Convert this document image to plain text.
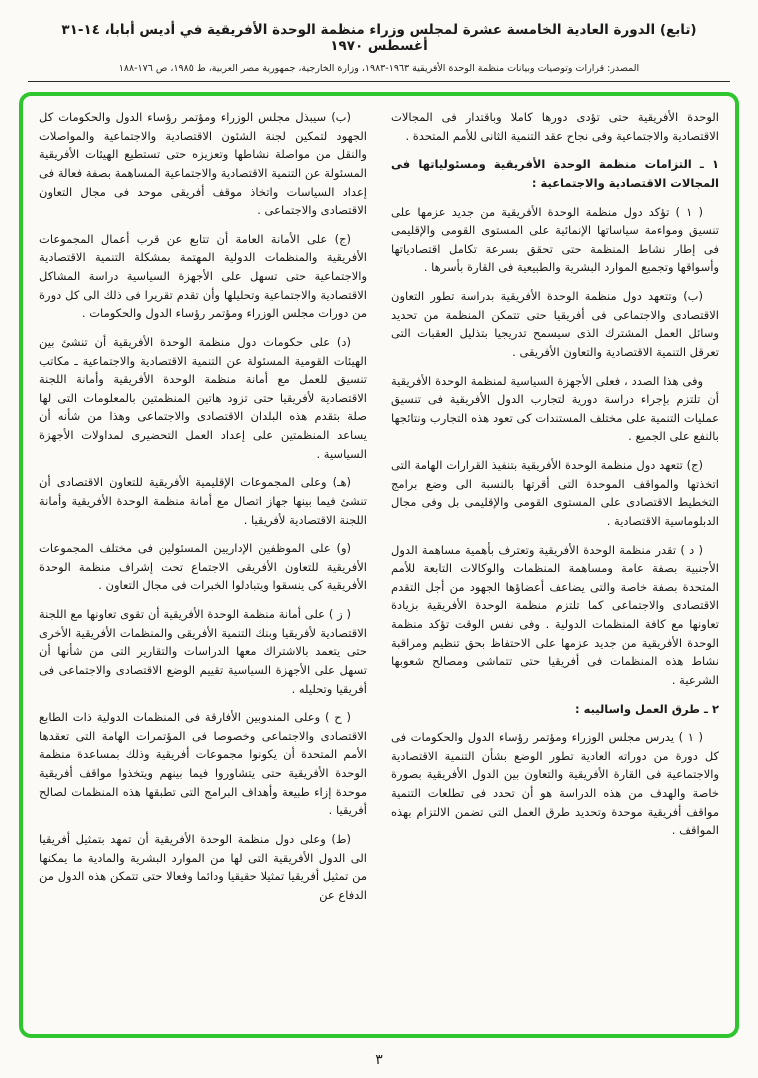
(تابع) الدورة العادية الخامسة عشرة لمجلس وزراء منظمة الوحدة الأفريقية في أديس أبابا، ١٤-٣١ أغسطس ١٩٧٠
المصدر: قرارات وتوصيات وبيانات منظمة الوحدة الأفريقية ١٩٦٣-١٩٨٣، وزارة الخارجية، جمهورية مصر العربية، ط ١٩٨٥، ص ١٧٦-١٨٨

الوحدة الأفريقية حتى تؤدى دورها كاملا وباقتدار فى المجالات الاقتصادية والاجتماعية وفى نجاح عقد التنمية الثانى للأمم المتحدة .

١ ـ التزامات منظمة الوحدة الأفريقية ومسئولياتها فى المجالات الاقتصادية والاجتماعية :

( ١ ) تؤكد دول منظمة الوحدة الأفريقية من جديد عزمها على تنسيق ومواءمة سياساتها الإنمائية على المستوى القومى والإقليمى فى إطار نشاط المنظمة حتى تحقق بسرعة تكامل اقتصادياتها وأسواقها وتجميع الموارد البشرية والطبيعية فى القارة بأسرها .

(ب) وتتعهد دول منظمة الوحدة الأفريقية بدراسة تطور التعاون الاقتصادى والاجتماعى فى أفريقيا حتى تتمكن المنظمة من تحديد وسائل العمل المشترك الذى سيسمح تدريجيا بتذليل العقبات التى تعرقل التنمية الاقتصادية والتعاون الأفريقى .

وفى هذا الصدد ، فعلى الأجهزة السياسية لمنظمة الوحدة الأفريقية أن تلتزم بإجراء دراسة دورية لتجارب الدول الأفريقية فى تنسيق عمليات التنمية على مختلف المستندات كى تعود هذه التجارب ونتائجها بالنفع على الجميع .

(ج) تتعهد دول منظمة الوحدة الأفريقية بتنفيذ القرارات الهامة التى اتخذتها والمواقف الموحدة التى أقرتها بالنسبة الى وضع برامج التخطيط الاقتصادى على المستوى القومى والإقليمى بل وفى مجال الدبلوماسية الاقتصادية .

( د ) تقدر منظمة الوحدة الأفريقية وتعترف بأهمية مساهمة الدول الأجنبية بصفة عامة ومساهمة المنظمات والوكالات التابعة للأمم المتحدة بصفة خاصة والتى يضاعف أعضاؤها الجهود من أجل التقدم الاقتصادى والاجتماعى كما تلتزم منظمة الوحدة الأفريقية بزيادة تعاونها مع كافة المنظمات الدولية . وفى نفس الوقت تؤكد منظمة الوحدة الأفريقية من جديد عزمها على الاحتفاظ بحق تنظيم ومراقبة نشاط هذه المنظمات فى أفريقيا حتى تتماشى ومصالح شعوبها الشرعية .

٢ ـ طرق العمل واساليبه :

( ١ ) يدرس مجلس الوزراء ومؤتمر رؤساء الدول والحكومات فى كل دورة من دوراته العادية تطور الوضع بشأن التنمية الاقتصادية والاجتماعية فى القارة الأفريقية والتعاون بين الدول الأفريقية بصورة خاصة والهدف من هذه الدراسة هو أن تحدد فى تطلعات التنمية مواقف أفريقية موحدة وتحديد طرق العمل التى تضمن الالتزام بهذه المواقف .

(ب) سيبذل مجلس الوزراء ومؤتمر رؤساء الدول والحكومات كل الجهود لتمكين لجنة الشئون الاقتصادية والاجتماعية والمواصلات والنقل من مواصلة نشاطها وتعزيزه حتى تستطيع الهيئات الأفريقية المسئولة عن التنمية الاقتصادية والاجتماعية المساهمة بصفة فعالة فى إعداد السياسات واتخاذ موقف أفريقى موحد فى مجال التعاون الاقتصادى والاجتماعى .

(ج) على الأمانة العامة أن تتابع عن قرب أعمال المجموعات الأفريقية والمنظمات الدولية المهتمة بمشكلة التنمية الاقتصادية والاجتماعية حتى تسهل على الأجهزة السياسية دراسة المشاكل الاقتصادية والاجتماعية وتحليلها وأن تقدم تقريرا فى ذلك الى كل دورة من دورات مجلس الوزراء ومؤتمر رؤساء الدول والحكومات .

(د) على حكومات دول منظمة الوحدة الأفريقية أن تنشئ بين الهيئات القومية المسئولة عن التنمية الاقتصادية والاجتماعية ـ مكاتب تنسيق للعمل مع أمانة منظمة الوحدة الأفريقية وأمانة اللجنة الاقتصادية لأفريقيا حتى تزود هاتين المنظمتين بالمعلومات التى لها صلة بتقدم هذه البلدان الاقتصادى والاجتماعى وهذا من شأنه أن يساعد المنظمتين على إعداد العمل التحضيرى لمداولات الأجهزة السياسية .

(هـ) وعلى المجموعات الإقليمية الأفريقية للتعاون الاقتصادى أن تنشئ فيما بينها جهاز اتصال مع أمانة منظمة الوحدة الأفريقية وأمانة اللجنة الاقتصادية لأفريقيا .

(و) على الموظفين الإداريين المسئولين فى مختلف المجموعات الأفريقية للتعاون الأفريقى الاجتماع تحت إشراف منظمة الوحدة الأفريقية كى ينسقوا ويتبادلوا الخبرات فى مجال التعاون .

( ز ) على أمانة منظمة الوحدة الأفريقية أن تقوى تعاونها مع اللجنة الاقتصادية لأفريقيا وبنك التنمية الأفريقى والمنظمات الأفريقية الأخرى حتى يتعمد بالاشتراك معها الدراسات والتقارير التى من شأنها أن تسهل على الأجهزة السياسية تقييم الوضع الاقتصادى والاجتماعى فى أفريقيا وتحليله .

( ح ) وعلى المندوبين الأفارقة فى المنظمات الدولية ذات الطابع الاقتصادى والاجتماعى وخصوصا فى المؤتمرات الهامة التى تعقدها الأمم المتحدة أن يكونوا مجموعات أفريقية وذلك بمساعدة منظمة الوحدة الأفريقية حتى يتشاوروا فيما بينهم ويتخذوا مواقف أفريقية موحدة إزاء طبيعة وأهداف البرامج التى تطبقها هذه المنظمات لصالح أفريقيا .

(ط) وعلى دول منظمة الوحدة الأفريقية أن تمهد بتمثيل أفريقيا الى الدول الأفريقية التى لها من الموارد البشرية والمادية ما يمكنها من تمثيل أفريقيا تمثيلا حقيقيا ودائما وفعالا حتى تتمكن هذه الدول من الدفاع عن

٣
